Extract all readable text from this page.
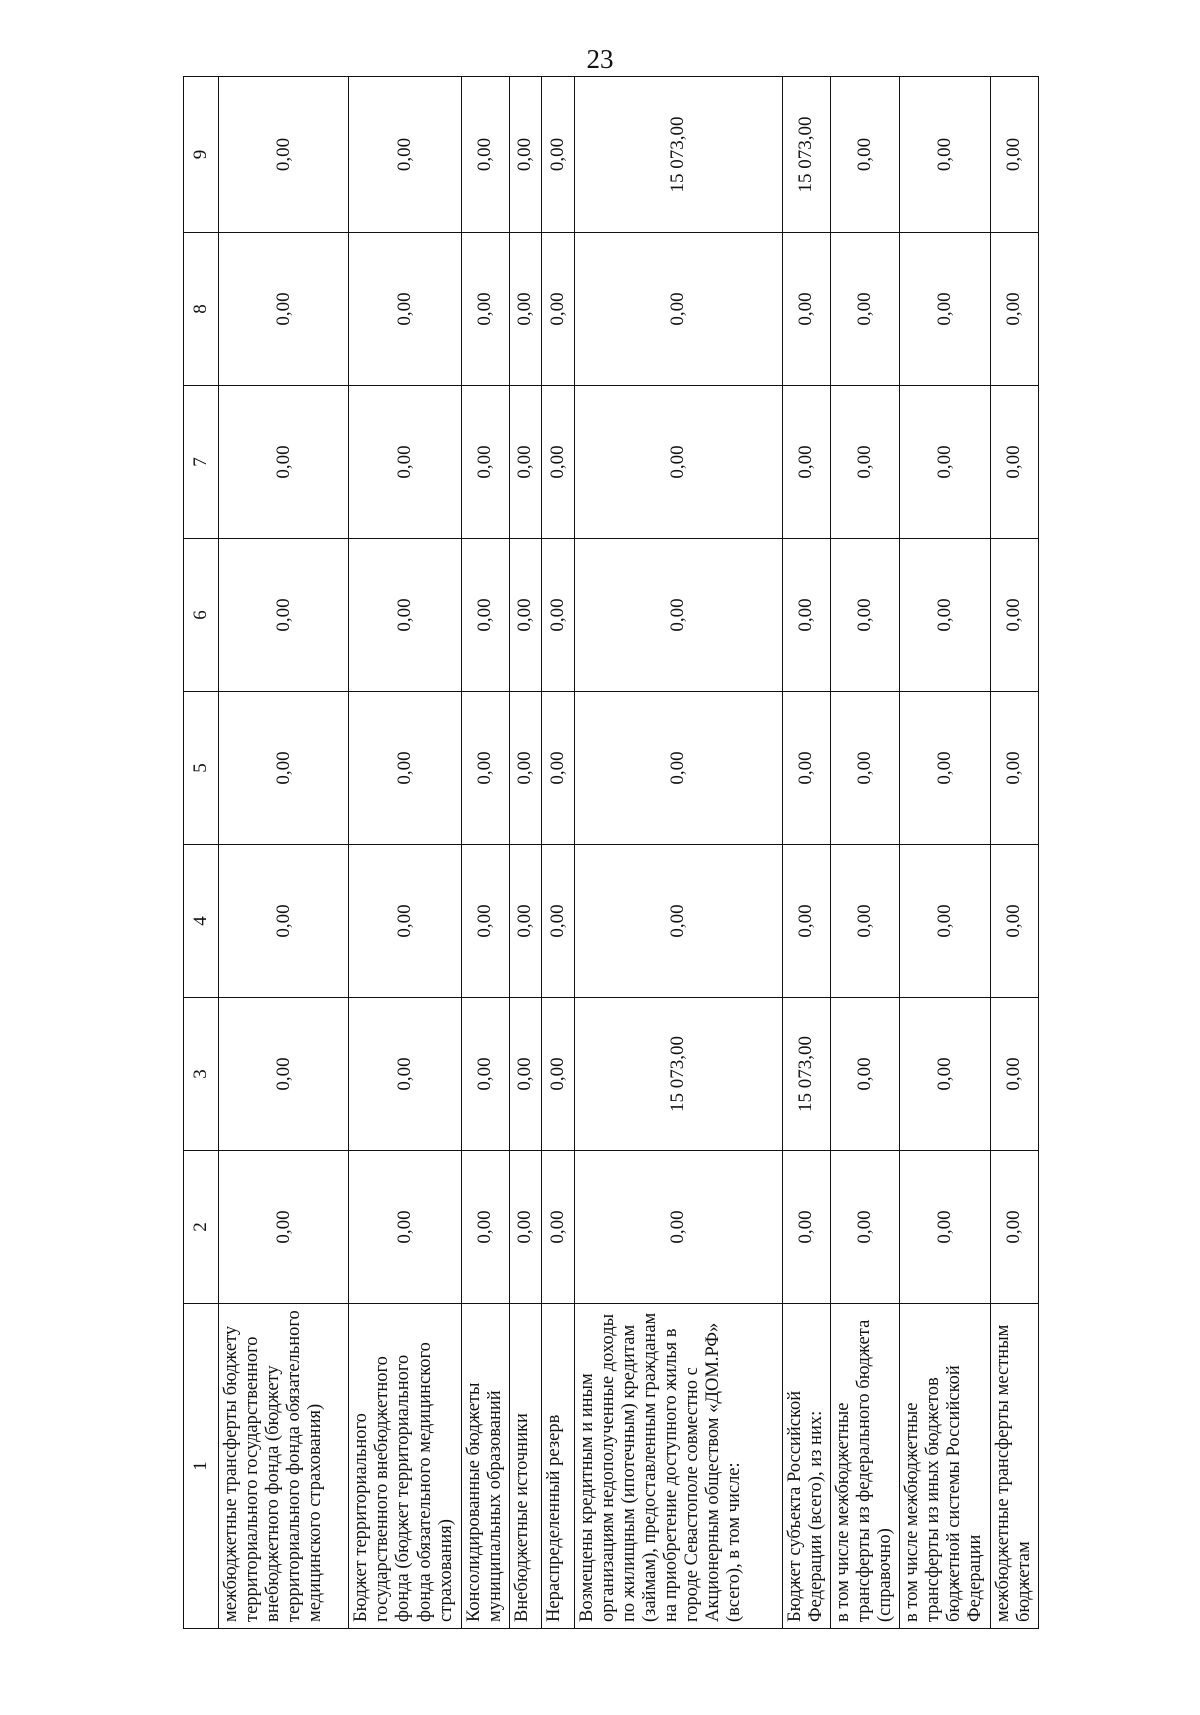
23
1	2	3	4	5	6	7	8	9
межбюджетные трансферты бюджету территориального государственного внебюджетного фонда (бюджету территориального фонда обязательного медицинского страхования)	0,00	0,00	0,00	0,00	0,00	0,00	0,00	0,00
Бюджет территориального государственного внебюджетного фонда (бюджет территориального фонда обязательного медицинского страхования)	0,00	0,00	0,00	0,00	0,00	0,00	0,00	0,00
Консолидированные бюджеты муниципальных образований	0,00	0,00	0,00	0,00	0,00	0,00	0,00	0,00
Внебюджетные источники	0,00	0,00	0,00	0,00	0,00	0,00	0,00	0,00
Нераспределенный резерв	0,00	0,00	0,00	0,00	0,00	0,00	0,00	0,00
Возмещены кредитным и иным организациям недополученные доходы по жилищным (ипотечным) кредитам (займам), предоставленным гражданам на приобретение доступного жилья в городе Севастополе совместно с Акционерным обществом «ДОМ.РФ» (всего), в том числе:	0,00	15 073,00	0,00	0,00	0,00	0,00	0,00	15 073,00
Бюджет субъекта Российской Федерации (всего), из них:	0,00	15 073,00	0,00	0,00	0,00	0,00	0,00	15 073,00
в том числе межбюджетные трансферты из федерального бюджета (справочно)	0,00	0,00	0,00	0,00	0,00	0,00	0,00	0,00
в том числе межбюджетные трансферты из иных бюджетов бюджетной системы Российской Федерации	0,00	0,00	0,00	0,00	0,00	0,00	0,00	0,00
межбюджетные трансферты местным бюджетам	0,00	0,00	0,00	0,00	0,00	0,00	0,00	0,00
